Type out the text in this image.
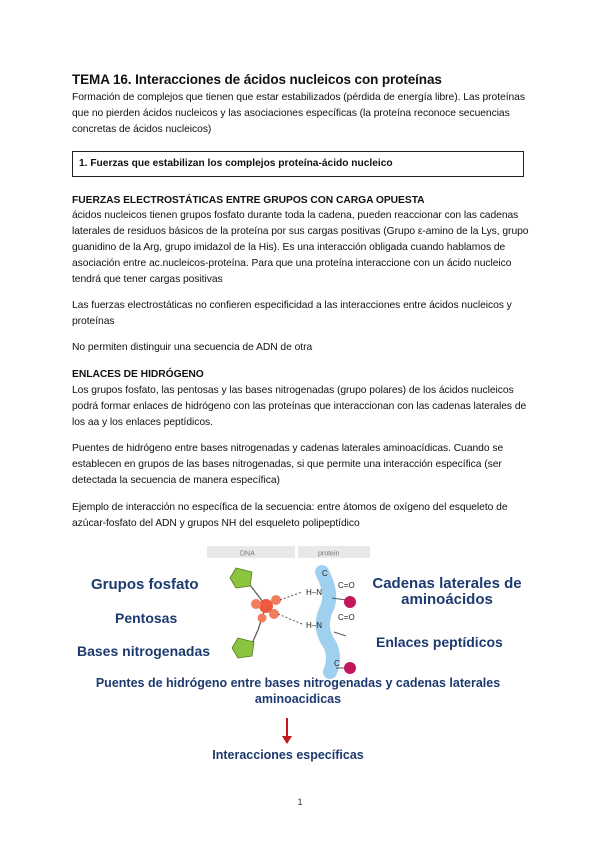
TEMA 16. Interacciones de ácidos nucleicos con proteínas
Formación de complejos que tienen que estar estabilizados (pérdida de energía libre). Las proteínas que no pierden ácidos nucleicos y las asociaciones específicas (la proteína reconoce secuencias concretas de ácidos nucleicos)
1. Fuerzas que estabilizan los complejos proteína-ácido nucleico
FUERZAS ELECTROSTÁTICAS ENTRE GRUPOS CON CARGA OPUESTA
ácidos nucleicos tienen grupos fosfato durante toda la cadena, pueden reaccionar con las cadenas laterales de residuos básicos de la proteína por sus cargas positivas (Grupo ε-amino de la Lys, grupo guanidino de la Arg, grupo imidazol de la His). Es una interacción obligada cuando hablamos de asociación entre ac.nucleicos-proteína. Para que una proteína interaccione con un ácido nucleico tendrá que tener cargas positivas
Las fuerzas electrostáticas no confieren especificidad a las interacciones entre ácidos nucleicos y proteínas
No permiten distinguir una secuencia de ADN de otra
ENLACES DE HIDRÓGENO
Los grupos fosfato, las pentosas y las bases nitrogenadas (grupo polares) de los ácidos nucleicos podrá formar enlaces de hidrógeno con las proteínas que interaccionan con las cadenas laterales de los aa y los enlaces peptídicos.
Puentes de hidrógeno entre bases nitrogenadas y cadenas laterales aminoacídicas. Cuando se establecen en grupos de las bases nitrogenadas, si que permite una interacción específica (ser detectada la secuencia de manera específica)
Ejemplo de interacción no específica de la secuencia: entre átomos de oxígeno del esqueleto de azúcar-fosfato del ADN y grupos NH del esqueleto polipeptídico
DNA	protein
H–N
C=O
H–N
C=O
C
C
Grupos fosfato
Pentosas
Bases nitrogenadas
Cadenas laterales de aminoácidos
Enlaces peptídicos
Puentes de hidrógeno entre bases nitrogenadas y cadenas laterales
aminoacidicas
Interacciones específicas
1
